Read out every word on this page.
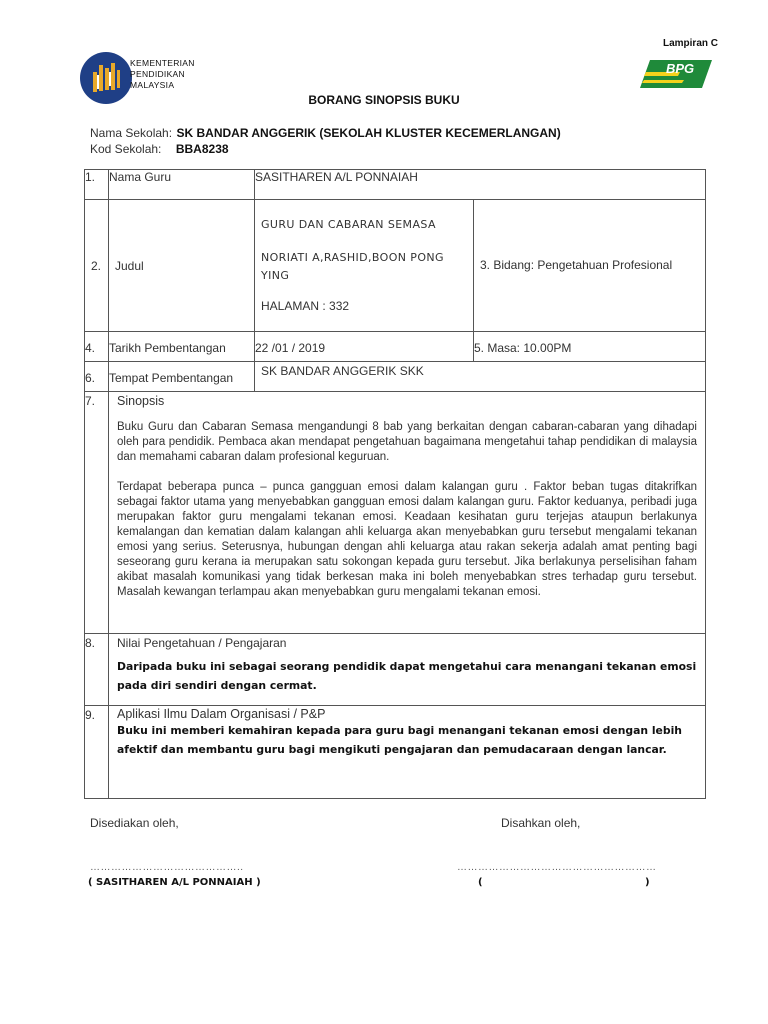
KEMENTERIAN
PENDIDIKAN
MALAYSIA
Lampiran C
BPG
BORANG SINOPSIS BUKU
Nama Sekolah: SK BANDAR ANGGERIK (SEKOLAH KLUSTER KECEMERLANGAN)
Kod Sekolah: BBA8238
1.	Nama Guru	SASITHAREN A/L PONNAIAH	
2.	Judul	GURU DAN CABARAN SEMASA
NORIATI A,RASHID,BOON PONG YING
HALAMAN : 332	3. Bidang: Pengetahuan Profesional
4.	Tarikh Pembentangan	22 /01 / 2019	5. Masa: 10.00PM
6.	Tempat Pembentangan	SK BANDAR ANGGERIK SKK	
7.	Sinopsis

Buku Guru dan Cabaran Semasa mengandungi 8 bab yang berkaitan dengan cabaran-cabaran yang dihadapi oleh para pendidik. Pembaca akan mendapat pengetahuan bagaimana mengetahui tahap pendidikan di malaysia dan memahami cabaran dalam profesional keguruan.

Terdapat beberapa punca – punca gangguan emosi dalam kalangan guru . Faktor beban tugas ditakrifkan sebagai faktor utama yang menyebabkan gangguan emosi dalam kalangan guru. Faktor keduanya, peribadi juga merupakan faktor guru mengalami tekanan emosi. Keadaan kesihatan guru terjejas ataupun berlakunya kemalangan dan kematian dalam kalangan ahli keluarga akan menyebabkan guru tersebut mengalami tekanan emosi yang serius. Seterusnya, hubungan dengan ahli keluarga atau rakan sekerja adalah amat penting bagi seseorang guru kerana ia merupakan satu sokongan kepada guru tersebut. Jika berlakunya perselisihan faham akibat masalah komunikasi yang tidak berkesan maka ini boleh menyebabkan stres terhadap guru tersebut. Masalah kewangan terlampau akan menyebabkan guru mengalami tekanan emosi.		

8.	Nilai Pengetahuan / Pengajaran
Daripada buku ini sebagai seorang pendidik dapat mengetahui cara menangani tekanan emosi pada diri sendiri dengan cermat.		

9.	Aplikasi Ilmu Dalam Organisasi / P&P
Buku ini memberi kemahiran kepada para guru bagi menangani tekanan emosi dengan lebih afektif dan membantu guru bagi mengikuti pengajaran dan pemudacaraan dengan lancar.		
Disediakan oleh,	Disahkan oleh,
……………………………………..	…………………………………………………
( SASITHAREN A/L PONNAIAH )	(	)
